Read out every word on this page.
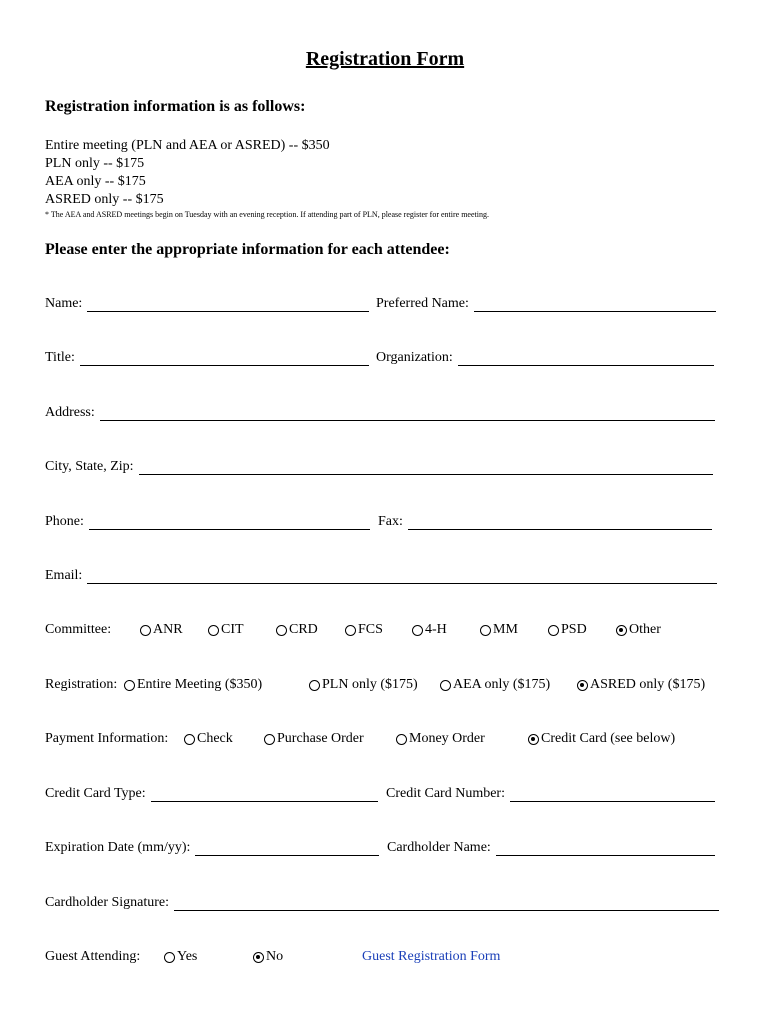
Registration Form
Registration information is as follows:
Entire meeting (PLN and AEA or ASRED) -- $350
PLN only -- $175
AEA only -- $175
ASRED only -- $175
* The AEA and ASRED meetings begin on Tuesday with an evening reception. If attending part of PLN, please register for entire meeting.
Please enter the appropriate information for each attendee:
Name:	Preferred Name:
Title:	Organization:
Address:
City, State, Zip:
Phone:	Fax:
Email:
Committee:	ANR	CIT	CRD	FCS	4-H	MM	PSD	Other
Registration: Entire Meeting ($350)	PLN only ($175)	AEA only ($175)	ASRED only ($175)
Payment Information: Check	Purchase Order	Money Order	Credit Card (see below)
Credit Card Type:	Credit Card Number:
Expiration Date (mm/yy):	Cardholder Name:
Cardholder Signature:
Guest Attending:	Yes	No	Guest Registration Form
